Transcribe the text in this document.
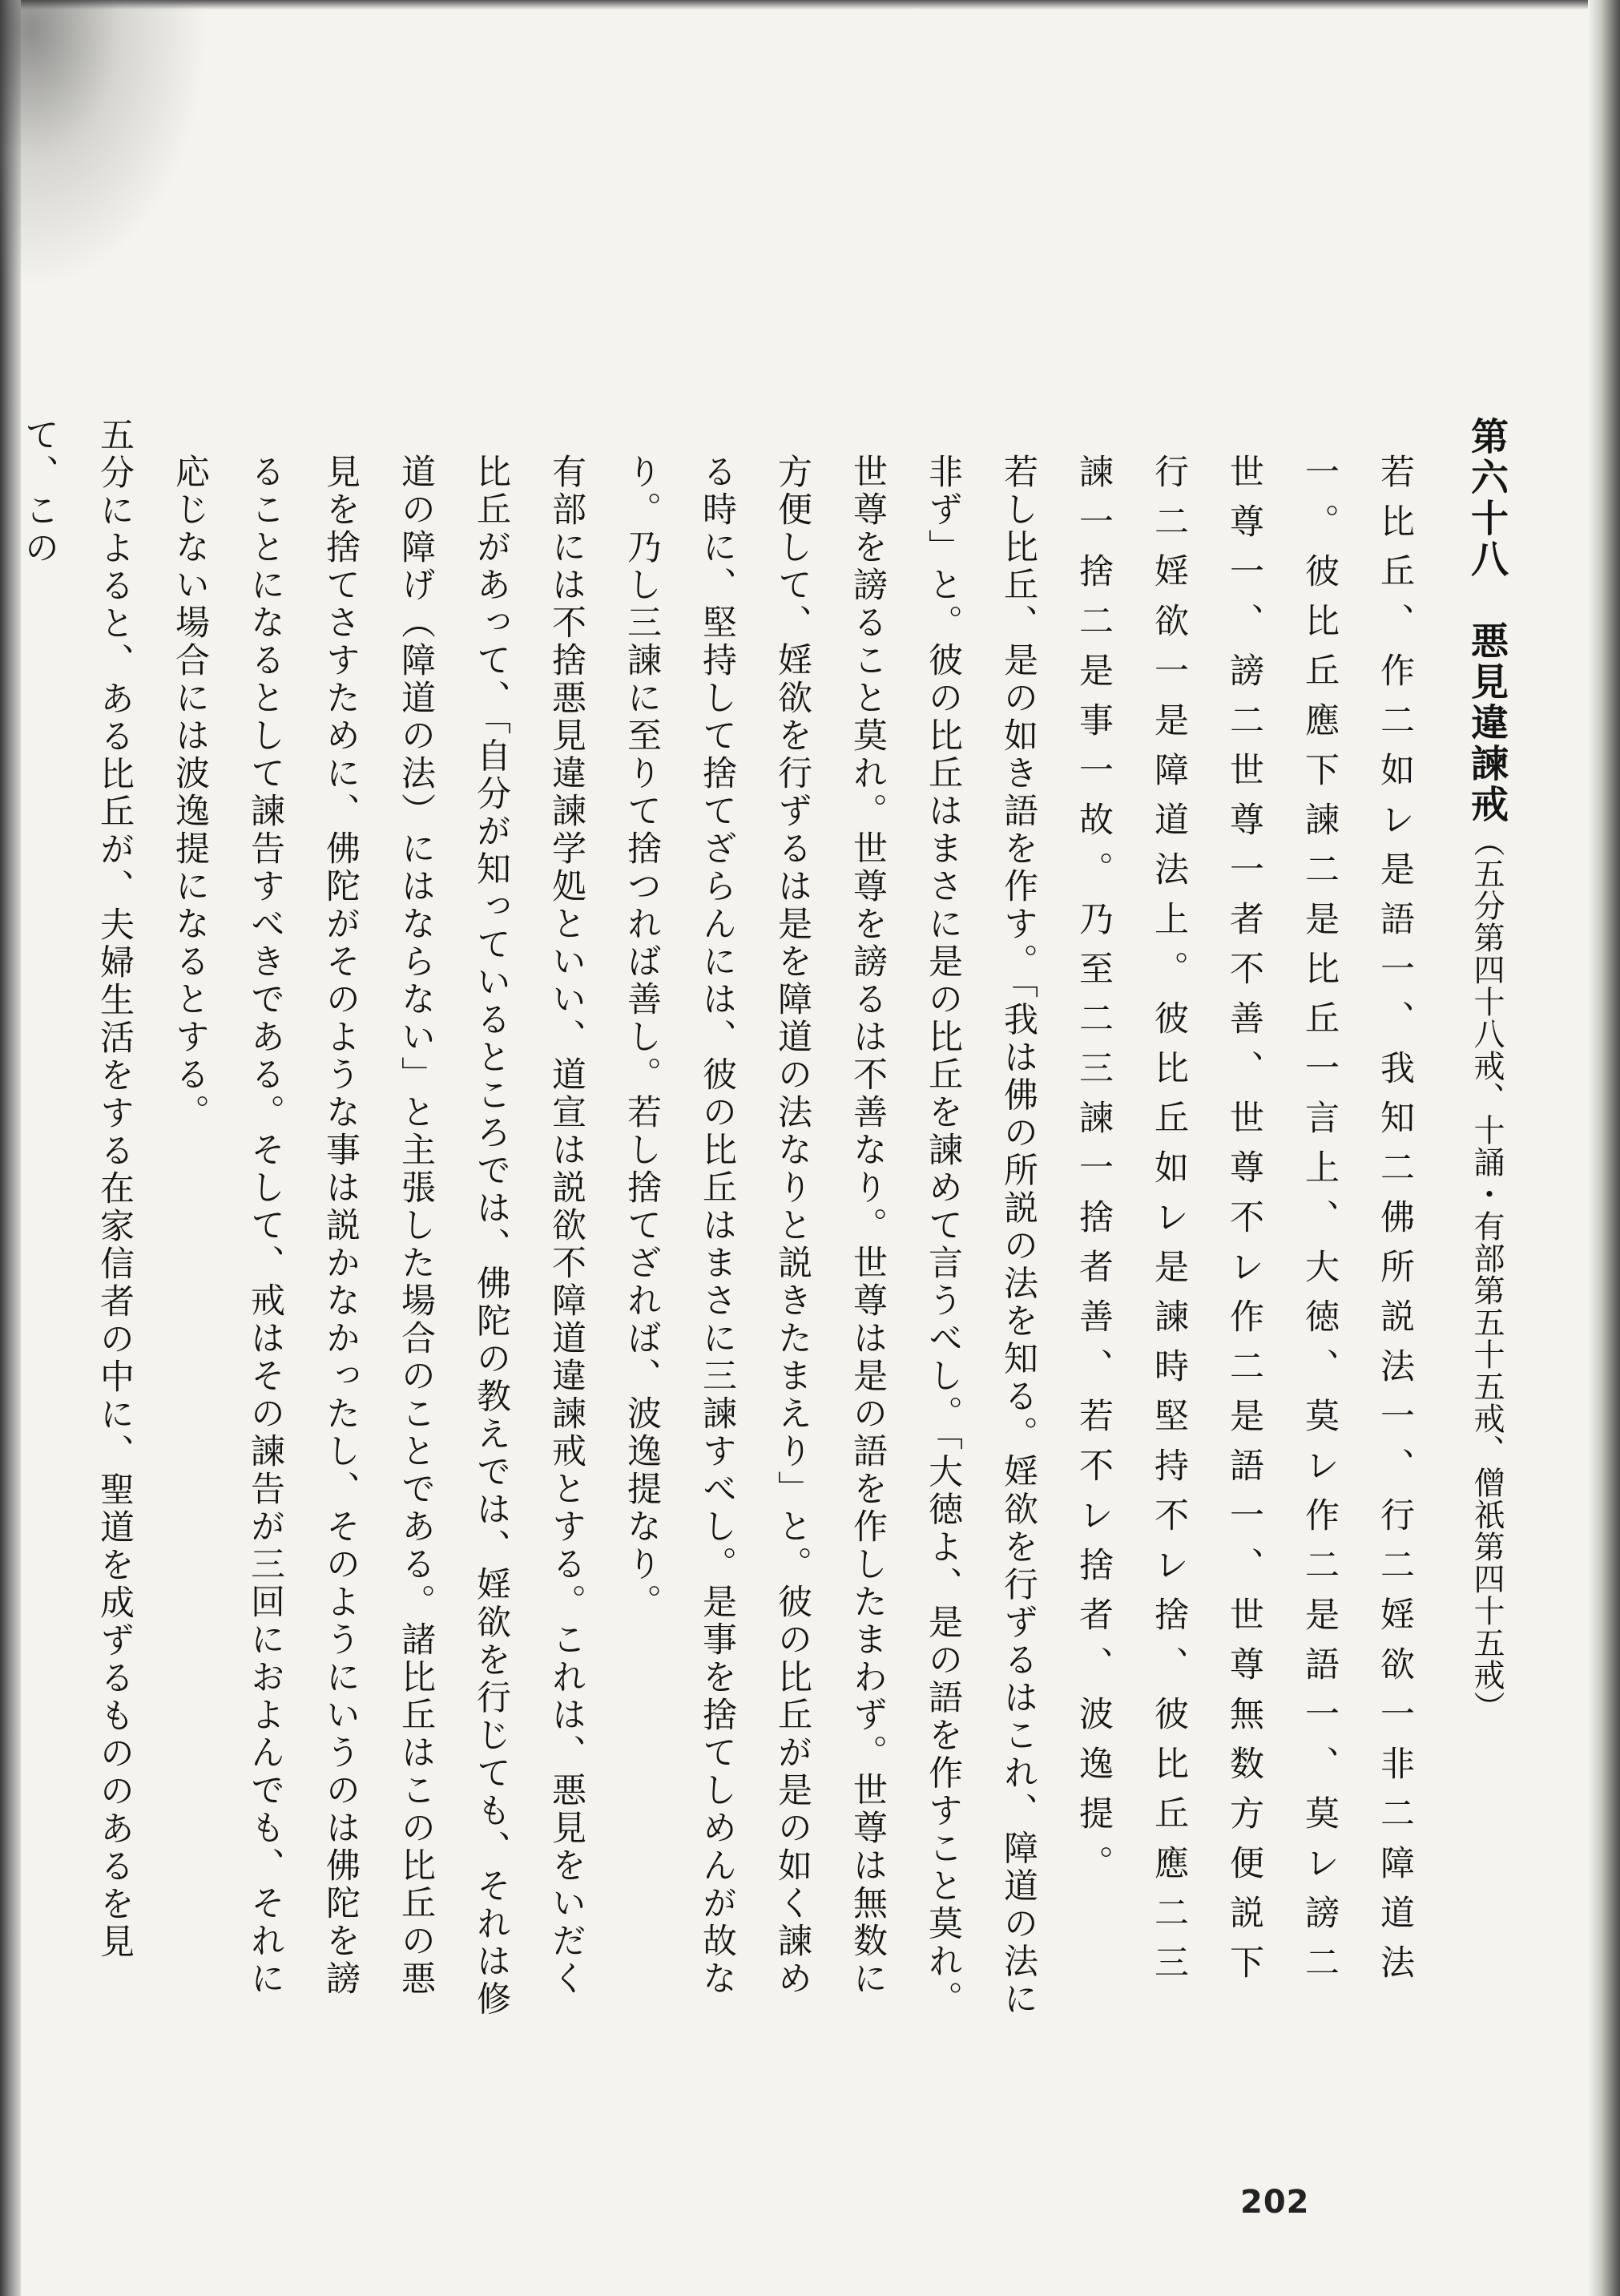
第六十八　悪見違諫戒（五分第四十八戒、十誦・有部第五十五戒、僧祇第四十五戒）

若比丘、作二如レ是語一、我知二佛所説法一、行二婬欲一非二障道法一。彼比丘應下諫二是比丘一言上、大徳、莫レ作二是語一、莫レ謗二世尊一、謗二世尊一者不善、世尊不レ作二是語一、世尊無数方便説下行二婬欲一是障道法上。彼比丘如レ是諫時堅持不レ捨、彼比丘應二三諫一捨二是事一故。乃至二三諫一捨者善、若不レ捨者、波逸提。

若し比丘、是の如き語を作す。「我は佛の所説の法を知る。婬欲を行ずるはこれ、障道の法に非ず」と。彼の比丘はまさに是の比丘を諫めて言うべし。「大徳よ、是の語を作すこと莫れ。世尊を謗ること莫れ。世尊を謗るは不善なり。世尊は是の語を作したまわず。世尊は無数に方便して、婬欲を行ずるは是を障道の法なりと説きたまえり」と。彼の比丘が是の如く諫める時に、堅持して捨てざらんには、彼の比丘はまさに三諫すべし。是事を捨てしめんが故なり。乃し三諫に至りて捨つれば善し。若し捨てざれば、波逸提なり。

有部には不捨悪見違諫学処といい、道宣は説欲不障道違諫戒とする。これは、悪見をいだく比丘があって、「自分が知っているところでは、佛陀の教えでは、婬欲を行じても、それは修道の障げ（障道の法）にはならない」と主張した場合のことである。諸比丘はこの比丘の悪見を捨てさすために、佛陀がそのような事は説かなかったし、そのようにいうのは佛陀を謗ることになるとして諫告すべきである。そして、戒はその諫告が三回におよんでも、それに応じない場合には波逸提になるとする。

五分によると、ある比丘が、夫婦生活をする在家信者の中に、聖道を成ずるもののあるを見て、この

202
